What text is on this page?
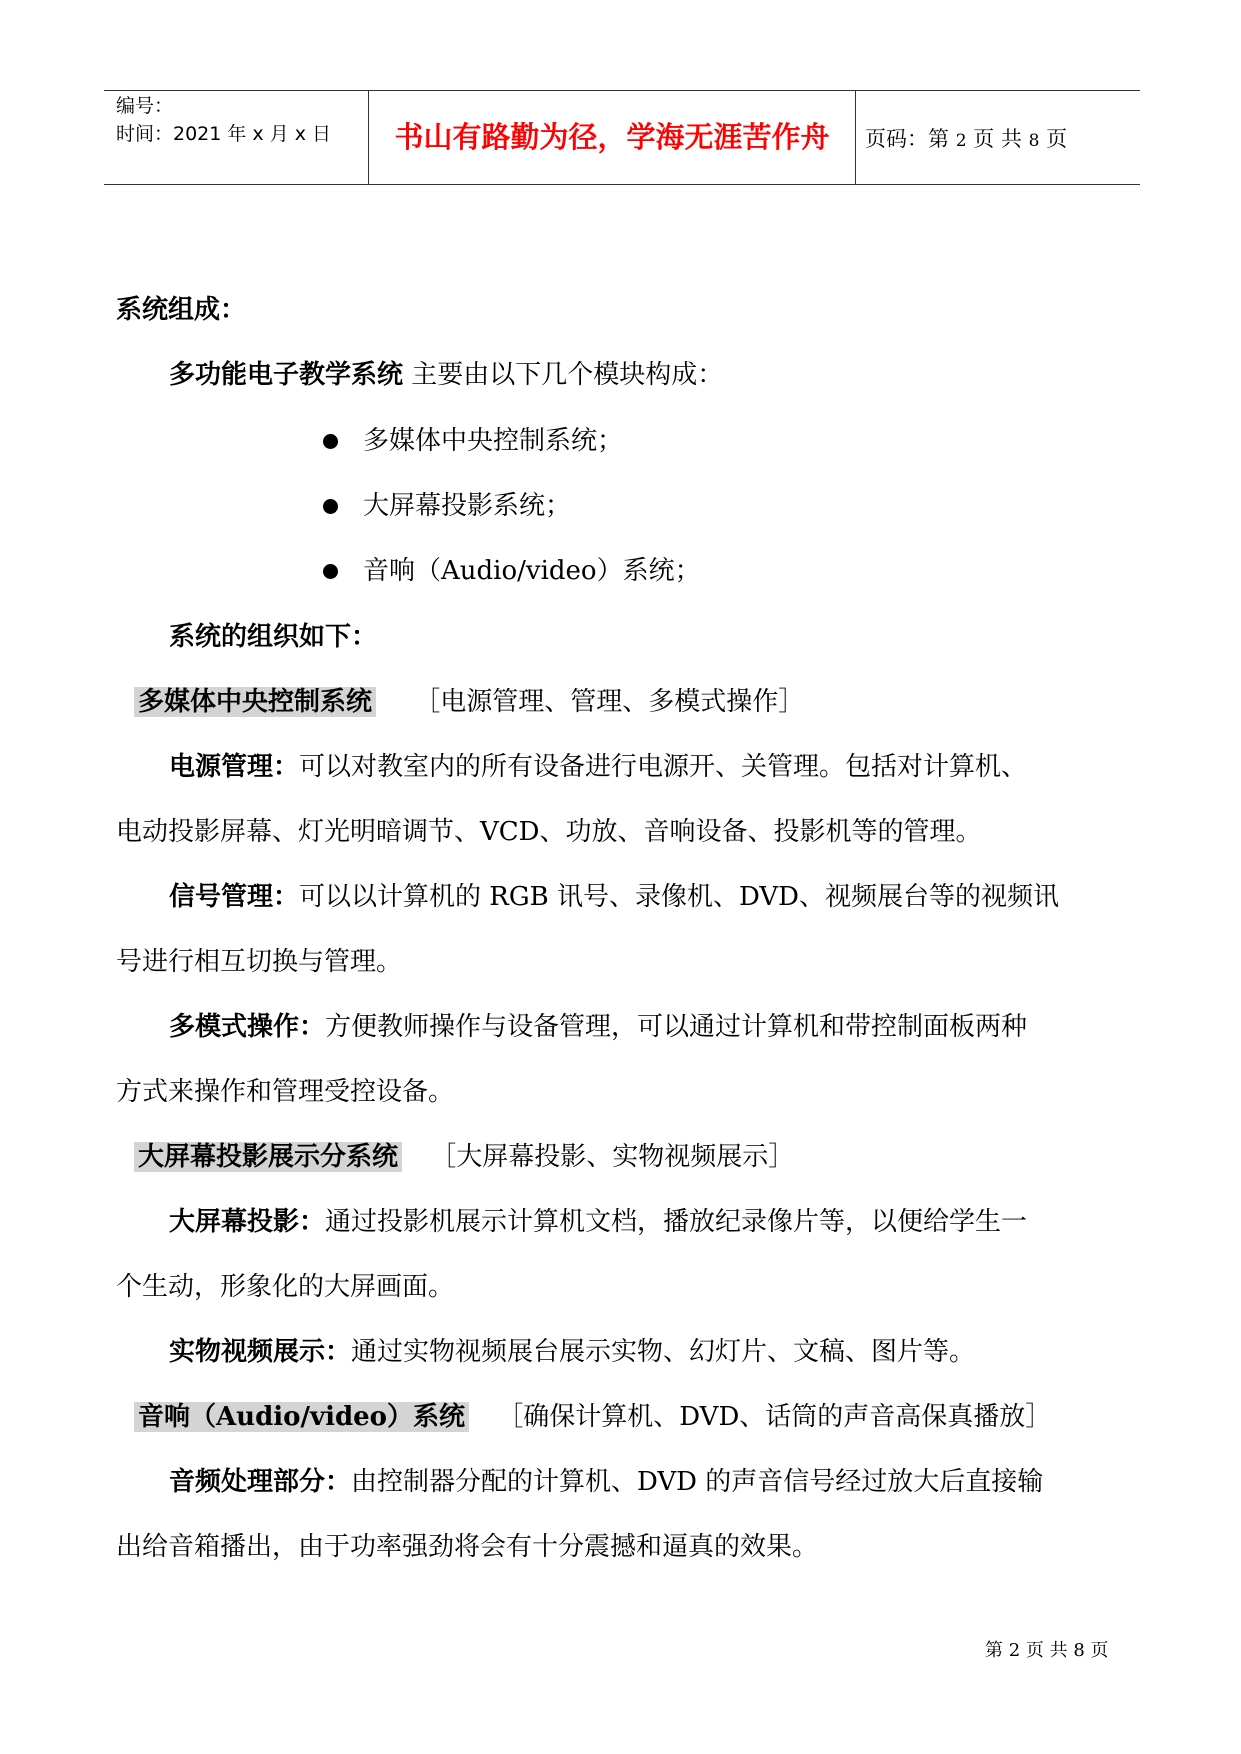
编号：
时间：2021 年 x 月 x 日	书山有路勤为径，学海无涯苦作舟	页码：第 2 页 共 8 页
系统组成：
多功能电子教学系统 主要由以下几个模块构成：
多媒体中央控制系统；
大屏幕投影系统；
音响（Audio/video）系统；
系统的组织如下：
多媒体中央控制系统 ［电源管理、管理、多模式操作］
电源管理：可以对教室内的所有设备进行电源开、关管理。包括对计算机、
电动投影屏幕、灯光明暗调节、VCD、功放、音响设备、投影机等的管理。
信号管理：可以以计算机的 RGB 讯号、录像机、DVD、视频展台等的视频讯
号进行相互切换与管理。
多模式操作：方便教师操作与设备管理，可以通过计算机和带控制面板两种
方式来操作和管理受控设备。
大屏幕投影展示分系统 ［大屏幕投影、实物视频展示］
大屏幕投影：通过投影机展示计算机文档，播放纪录像片等，以便给学生一
个生动，形象化的大屏画面。
实物视频展示：通过实物视频展台展示实物、幻灯片、文稿、图片等。
音响（Audio/video）系统 ［确保计算机、DVD、话筒的声音高保真播放］
音频处理部分：由控制器分配的计算机、DVD 的声音信号经过放大后直接输
出给音箱播出，由于功率强劲将会有十分震撼和逼真的效果。
第 2 页 共 8 页
